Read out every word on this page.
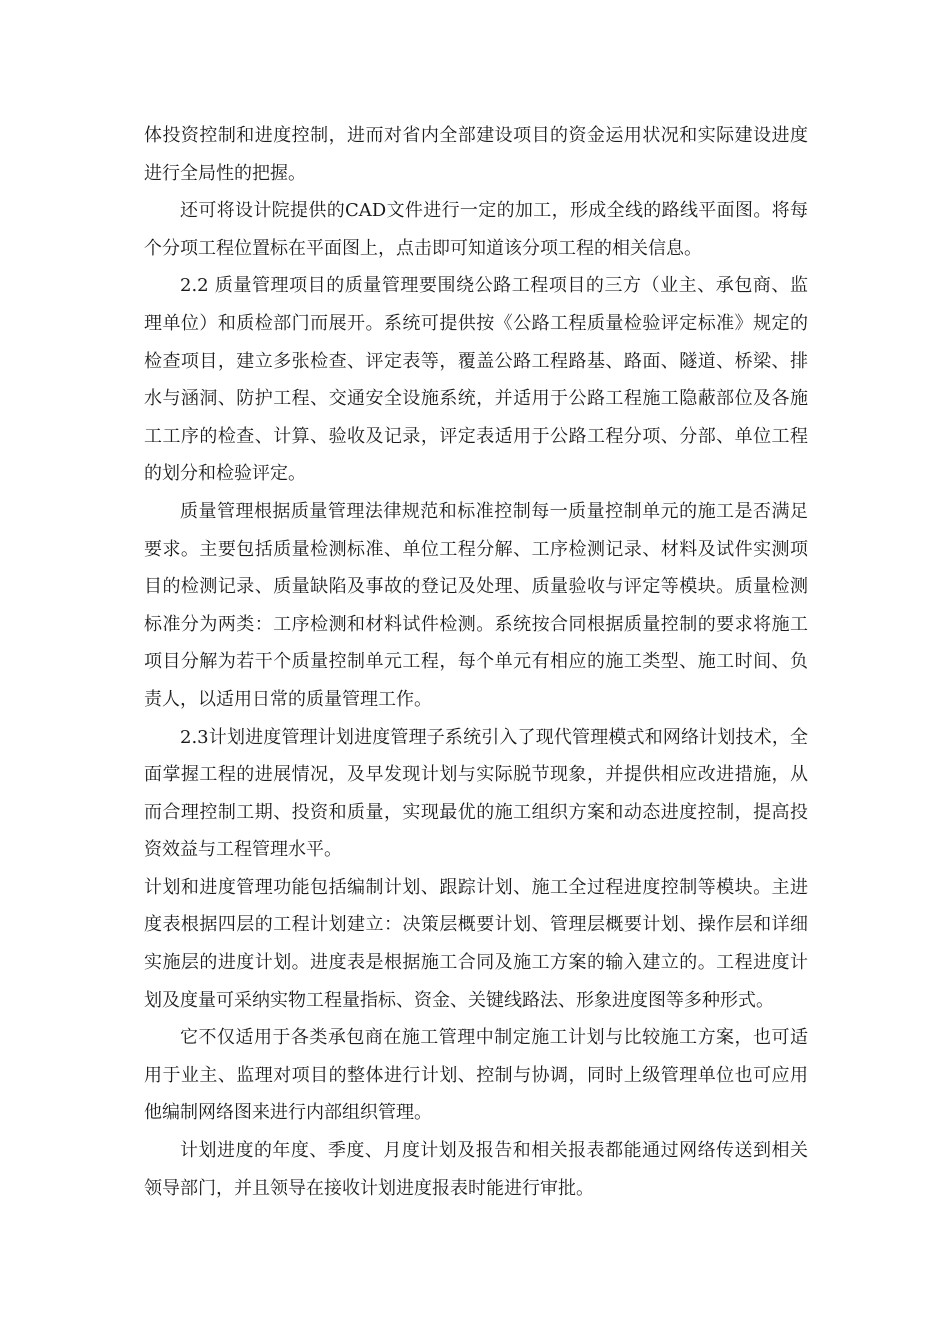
体投资控制和进度控制，进而对省内全部建设项目的资金运用状况和实际建设进度进行全局性的把握。

还可将设计院提供的CAD文件进行一定的加工，形成全线的路线平面图。将每个分项工程位置标在平面图上，点击即可知道该分项工程的相关信息。

2.2 质量管理项目的质量管理要围绕公路工程项目的三方（业主、承包商、监理单位）和质检部门而展开。系统可提供按《公路工程质量检验评定标准》规定的检查项目，建立多张检查、评定表等，覆盖公路工程路基、路面、隧道、桥梁、排水与涵洞、防护工程、交通安全设施系统，并适用于公路工程施工隐蔽部位及各施工工序的检查、计算、验收及记录，评定表适用于公路工程分项、分部、单位工程的划分和检验评定。

质量管理根据质量管理法律规范和标准控制每一质量控制单元的施工是否满足要求。主要包括质量检测标准、单位工程分解、工序检测记录、材料及试件实测项目的检测记录、质量缺陷及事故的登记及处理、质量验收与评定等模块。质量检测标准分为两类：工序检测和材料试件检测。系统按合同根据质量控制的要求将施工项目分解为若干个质量控制单元工程，每个单元有相应的施工类型、施工时间、负责人，以适用日常的质量管理工作。

2.3计划进度管理计划进度管理子系统引入了现代管理模式和网络计划技术，全面掌握工程的进展情况，及早发现计划与实际脱节现象，并提供相应改进措施，从而合理控制工期、投资和质量，实现最优的施工组织方案和动态进度控制，提高投资效益与工程管理水平。

计划和进度管理功能包括编制计划、跟踪计划、施工全过程进度控制等模块。主进度表根据四层的工程计划建立：决策层概要计划、管理层概要计划、操作层和详细实施层的进度计划。进度表是根据施工合同及施工方案的输入建立的。工程进度计划及度量可采纳实物工程量指标、资金、关键线路法、形象进度图等多种形式。

它不仅适用于各类承包商在施工管理中制定施工计划与比较施工方案，也可适用于业主、监理对项目的整体进行计划、控制与协调，同时上级管理单位也可应用他编制网络图来进行内部组织管理。

计划进度的年度、季度、月度计划及报告和相关报表都能通过网络传送到相关领导部门，并且领导在接收计划进度报表时能进行审批。
